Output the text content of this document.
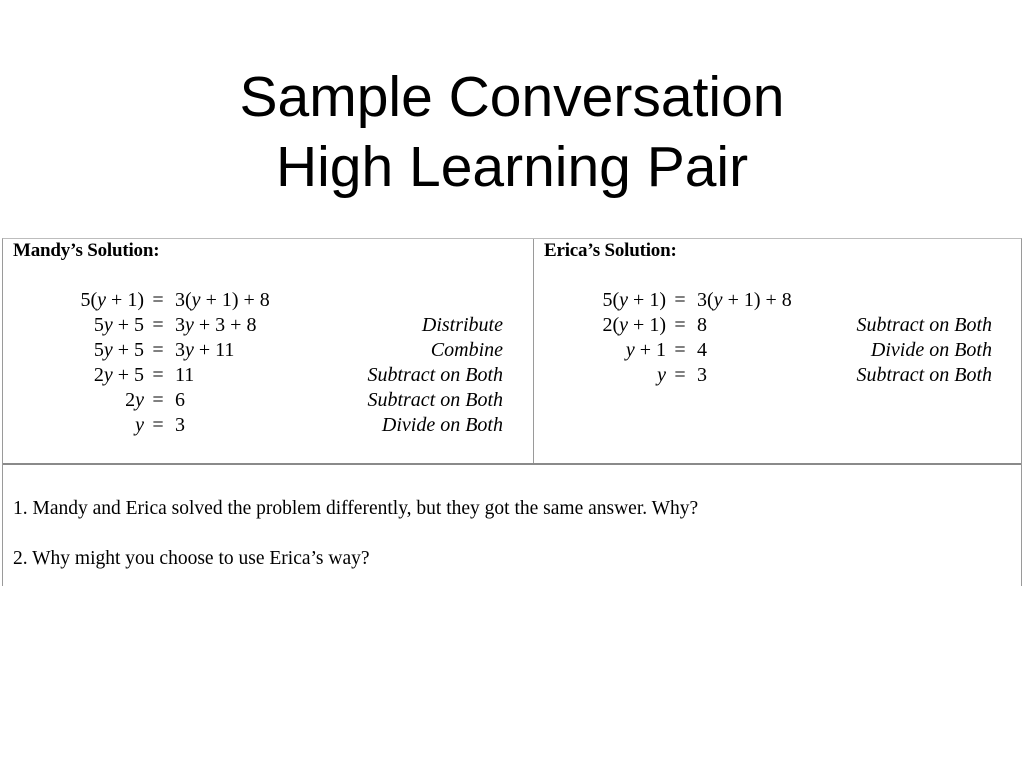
Sample Conversation
High Learning Pair

Mandy’s Solution:

5(y + 1) = 3(y + 1) + 8
5y + 5 = 3y + 3 + 8	Distribute
5y + 5 = 3y + 11	Combine
2y + 5 = 11	Subtract on Both
2y = 6	Subtract on Both
y = 3	Divide on Both

Erica’s Solution:

5(y + 1) = 3(y + 1) + 8
2(y + 1) = 8	Subtract on Both
y + 1 = 4	Divide on Both
y = 3	Subtract on Both

1. Mandy and Erica solved the problem differently, but they got the same answer. Why?

2. Why might you choose to use Erica’s way?
